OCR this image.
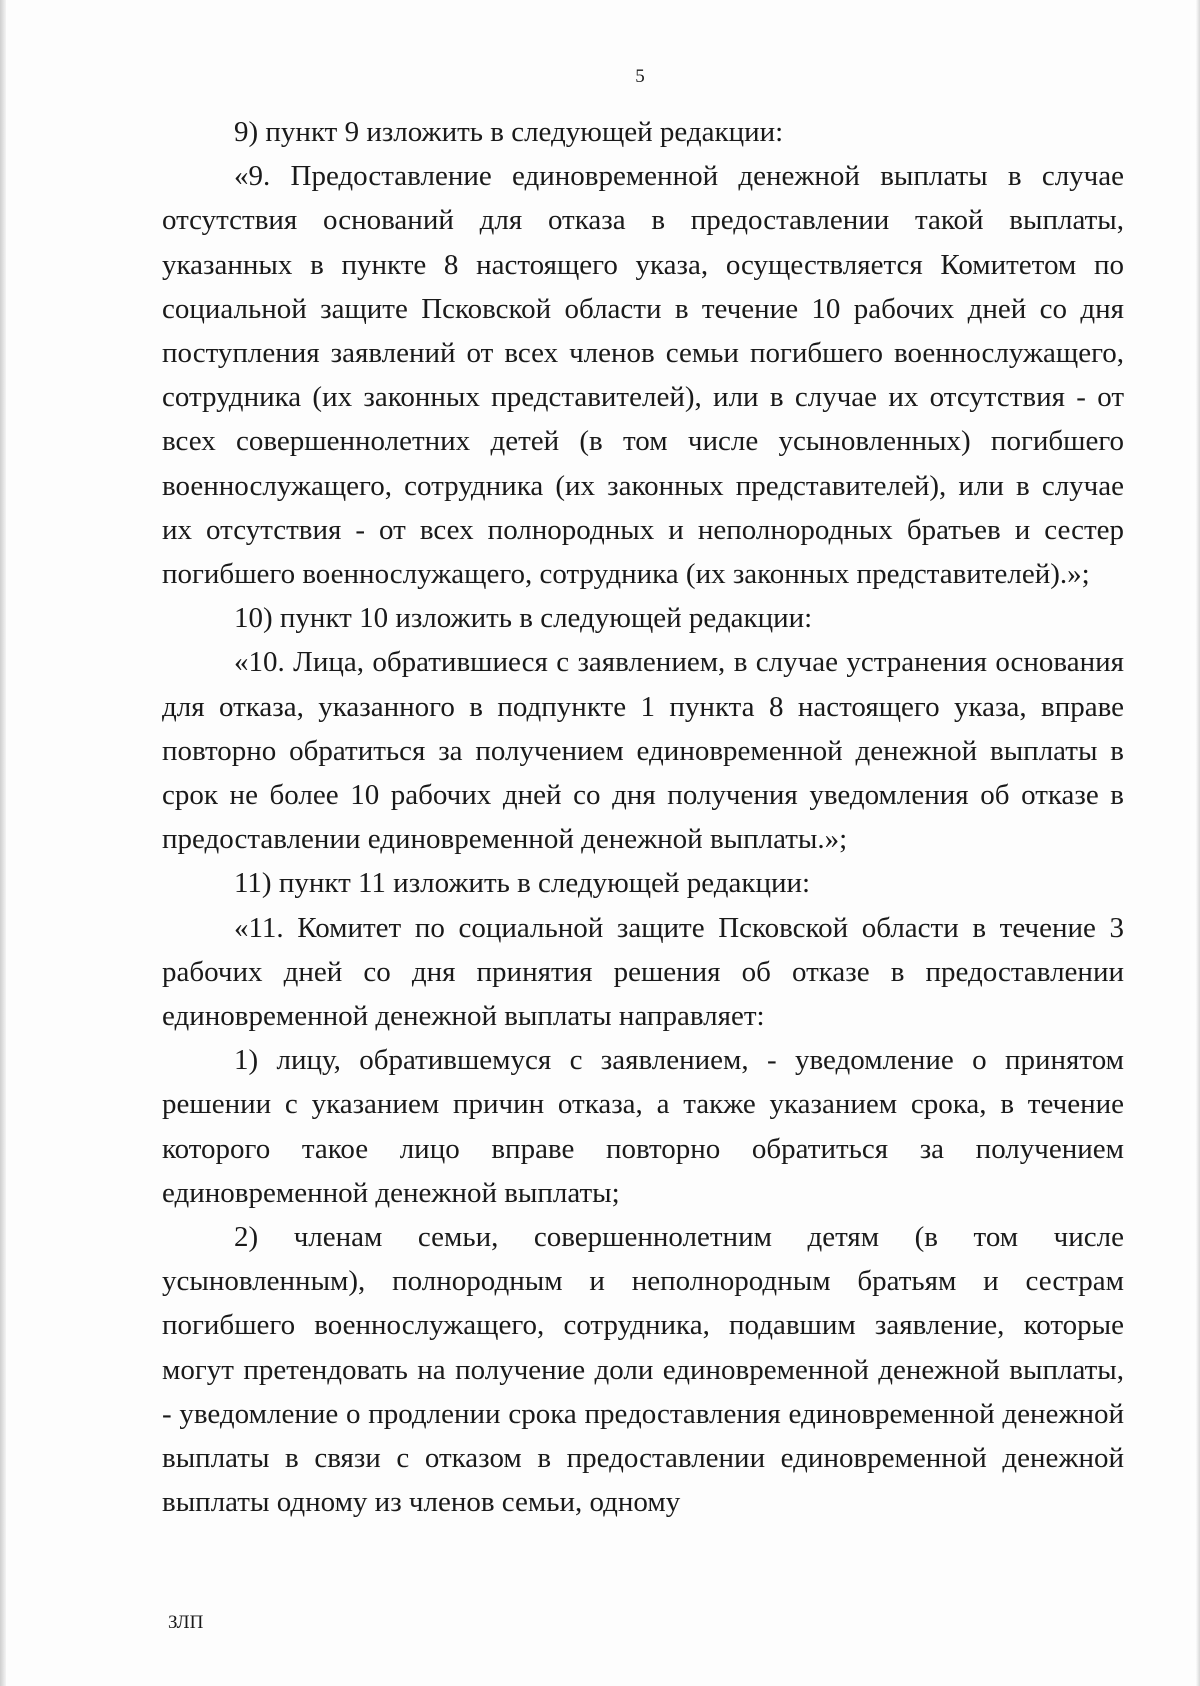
5

9) пункт 9 изложить в следующей редакции:

«9. Предоставление единовременной денежной выплаты в случае отсутствия оснований для отказа в предоставлении такой выплаты, указанных в пункте 8 настоящего указа, осуществляется Комитетом по социальной защите Псковской области в течение 10 рабочих дней со дня поступления заявлений от всех членов семьи погибшего военнослужащего, сотрудника (их законных представителей), или в случае их отсутствия - от всех совершеннолетних детей (в том числе усыновленных) погибшего военнослужащего, сотрудника (их законных представителей), или в случае их отсутствия - от всех полнородных и неполнородных братьев и сестер погибшего военнослужащего, сотрудника (их законных представителей).»;

10) пункт 10 изложить в следующей редакции:

«10. Лица, обратившиеся с заявлением, в случае устранения основания для отказа, указанного в подпункте 1 пункта 8 настоящего указа, вправе повторно обратиться за получением единовременной денежной выплаты в срок не более 10 рабочих дней со дня получения уведомления об отказе в предоставлении единовременной денежной выплаты.»;

11) пункт 11 изложить в следующей редакции:

«11. Комитет по социальной защите Псковской области в течение 3 рабочих дней со дня принятия решения об отказе в предоставлении единовременной денежной выплаты направляет:

1) лицу, обратившемуся с заявлением, - уведомление о принятом решении с указанием причин отказа, а также указанием срока, в течение которого такое лицо вправе повторно обратиться за получением единовременной денежной выплаты;

2) членам семьи, совершеннолетним детям (в том числе усыновленным), полнородным и неполнородным братьям и сестрам погибшего военнослужащего, сотрудника, подавшим заявление, которые могут претендовать на получение доли единовременной денежной выплаты, - уведомление о продлении срока предоставления единовременной денежной выплаты в связи с отказом в предоставлении единовременной денежной выплаты одному из членов семьи, одному

ЗЛП
